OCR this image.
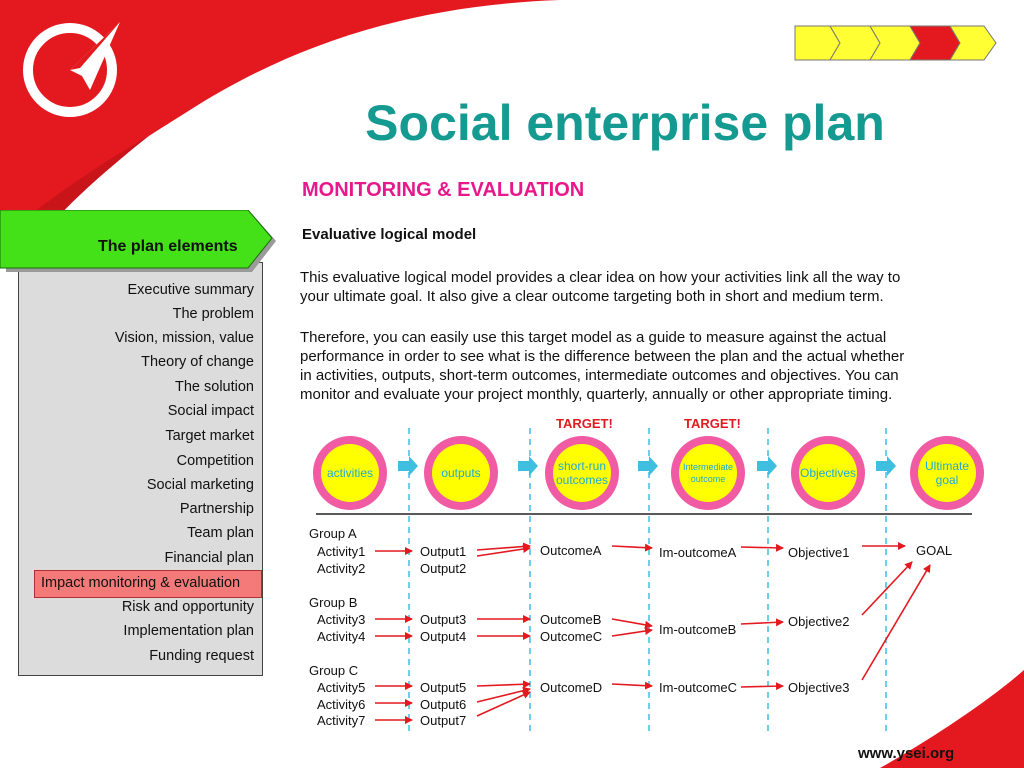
Social enterprise plan
MONITORING & EVALUATION
Evaluative logical model
This evaluative logical model provides a clear idea on how your activities link all the way to
your ultimate goal. It also give a clear outcome targeting both in short and medium term.
Therefore, you can easily use this target model as a guide to measure against the actual
performance in order to see what is the difference between the plan and the actual whether
in activities, outputs, short-term outcomes, intermediate outcomes and objectives. You can
monitor and evaluate your project monthly, quarterly, annually or other appropriate timing.
The plan elements
Impact monitoring & evaluation
Executive summary
The problem
Vision, mission, value
Theory of change
The solution
Social impact
Target market
Competition
Social marketing
Partnership
Team plan
Financial plan
Risk and opportunity
Implementation plan
Funding request
TARGET!	TARGET!
activities	outputs	short-run outcomes
Intermediate outcome	Objectives	Ultimate goal
Group A
Group B
Group C
Activity1
Activity2
Activity3
Activity4
Activity5
Activity6
Activity7
Output1
Output2
Output3
Output4
Output5
Output6
Output7
OutcomeA
OutcomeB
OutcomeC
OutcomeD
Im-outcomeA
Im-outcomeB
Im-outcomeC
Objective1
Objective2
Objective3
GOAL
www.ysei.org
